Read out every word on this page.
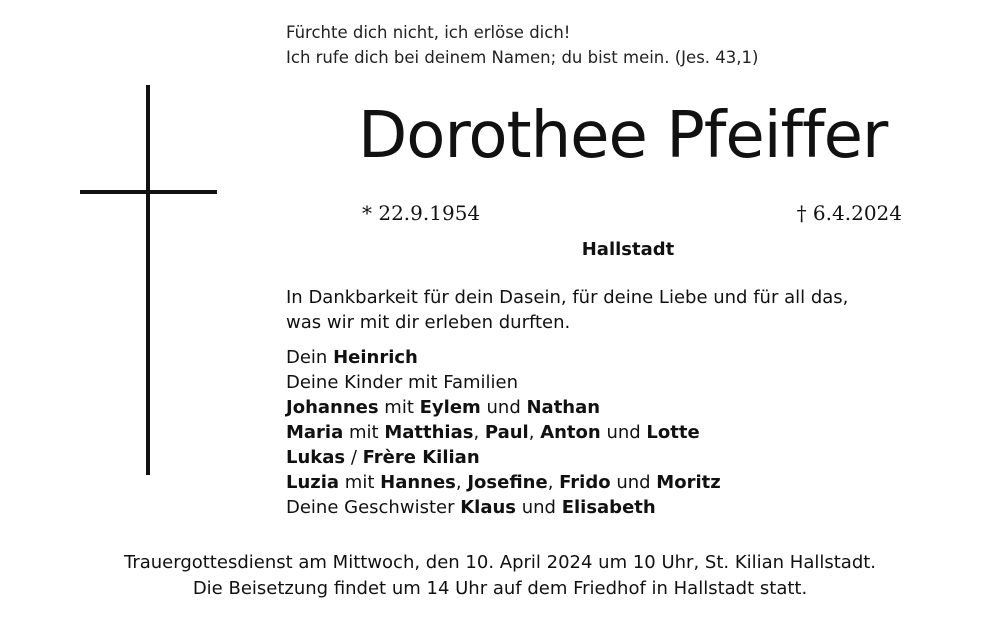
Fürchte dich nicht, ich erlöse dich!
Ich rufe dich bei deinem Namen; du bist mein. (Jes. 43,1)
Dorothee Pfeiffer
* 22.9.1954	† 6.4.2024
Hallstadt
In Dankbarkeit für dein Dasein, für deine Liebe und für all das,
was wir mit dir erleben durften.
Dein Heinrich
Deine Kinder mit Familien
Johannes mit Eylem und Nathan
Maria mit Matthias, Paul, Anton und Lotte
Lukas / Frère Kilian
Luzia mit Hannes, Josefine, Frido und Moritz
Deine Geschwister Klaus und Elisabeth
Trauergottesdienst am Mittwoch, den 10. April 2024 um 10 Uhr, St. Kilian Hallstadt.
Die Beisetzung findet um 14 Uhr auf dem Friedhof in Hallstadt statt.
